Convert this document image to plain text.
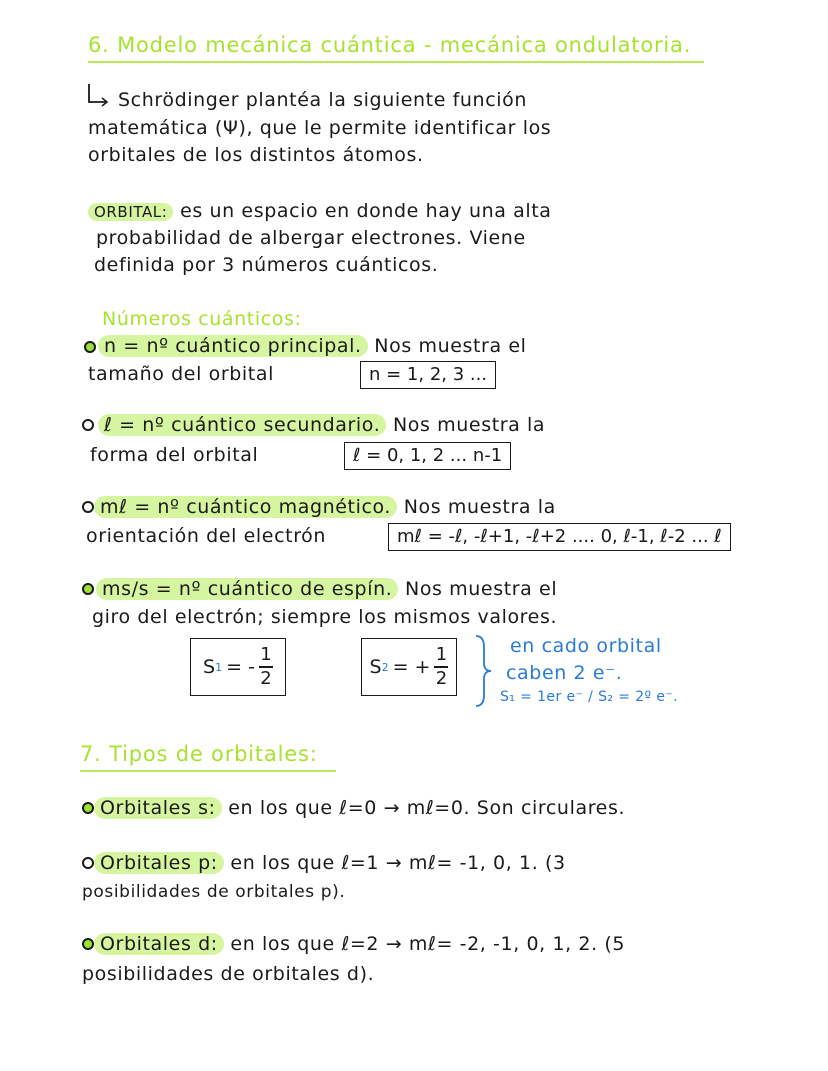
6. Modelo mecánica cuántica - mecánica ondulatoria.
Schrödinger plantéa la siguiente función
matemática (Ψ), que le permite identificar los
orbitales de los distintos átomos.
ORBITAL: es un espacio en donde hay una alta
probabilidad de albergar electrones. Viene
definida por 3 números cuánticos.
Números cuánticos:
n = nº cuántico principal. Nos muestra el
tamaño del orbital	n = 1, 2, 3 ...
ℓ = nº cuántico secundario. Nos muestra la
forma del orbital	ℓ = 0, 1, 2 ... n-1
mℓ = nº cuántico magnético. Nos muestra la
orientación del electrón	mℓ = -ℓ, -ℓ+1, -ℓ+2 .... 0, ℓ-1, ℓ-2 ... ℓ
ms/s = nº cuántico de espín. Nos muestra el
giro del electrón; siempre los mismos valores.
S 1 = - $\frac{1}{2}$	S 2 = + $\frac{1}{2}$
en cado orbital
caben 2 e⁻.
S₁ = 1er e⁻ / S₂ = 2º e⁻.
7. Tipos de orbitales:
Orbitales s: en los que ℓ=0 → mℓ=0. Son circulares.
Orbitales p: en los que ℓ=1 → mℓ= -1, 0, 1. (3
posibilidades de orbitales p).
Orbitales d: en los que ℓ=2 → mℓ= -2, -1, 0, 1, 2. (5
posibilidades de orbitales d).
